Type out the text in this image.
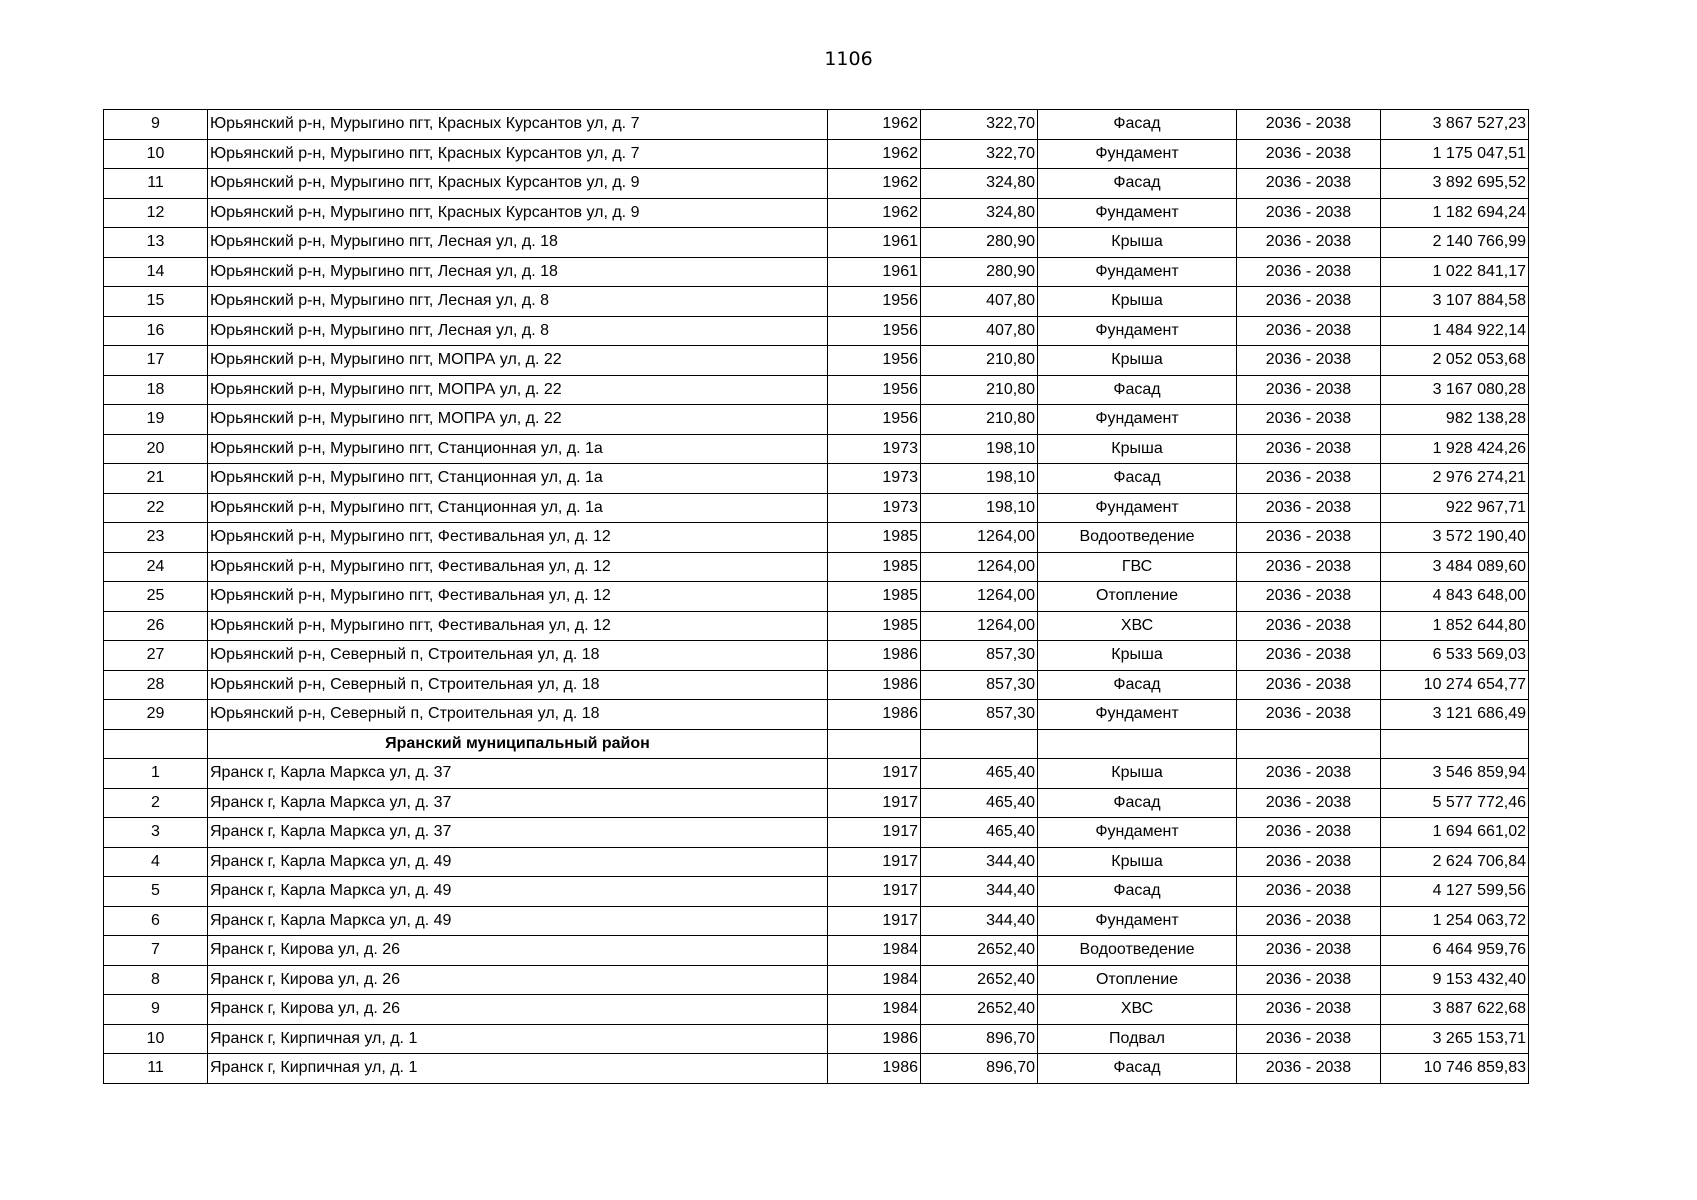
1106
9	Юрьянский р-н, Мурыгино пгт, Красных Курсантов ул, д. 7	1962	322,70	Фасад	2036 - 2038	3 867 527,23
10	Юрьянский р-н, Мурыгино пгт, Красных Курсантов ул, д. 7	1962	322,70	Фундамент	2036 - 2038	1 175 047,51
11	Юрьянский р-н, Мурыгино пгт, Красных Курсантов ул, д. 9	1962	324,80	Фасад	2036 - 2038	3 892 695,52
12	Юрьянский р-н, Мурыгино пгт, Красных Курсантов ул, д. 9	1962	324,80	Фундамент	2036 - 2038	1 182 694,24
13	Юрьянский р-н, Мурыгино пгт, Лесная ул, д. 18	1961	280,90	Крыша	2036 - 2038	2 140 766,99
14	Юрьянский р-н, Мурыгино пгт, Лесная ул, д. 18	1961	280,90	Фундамент	2036 - 2038	1 022 841,17
15	Юрьянский р-н, Мурыгино пгт, Лесная ул, д. 8	1956	407,80	Крыша	2036 - 2038	3 107 884,58
16	Юрьянский р-н, Мурыгино пгт, Лесная ул, д. 8	1956	407,80	Фундамент	2036 - 2038	1 484 922,14
17	Юрьянский р-н, Мурыгино пгт, МОПРА ул, д. 22	1956	210,80	Крыша	2036 - 2038	2 052 053,68
18	Юрьянский р-н, Мурыгино пгт, МОПРА ул, д. 22	1956	210,80	Фасад	2036 - 2038	3 167 080,28
19	Юрьянский р-н, Мурыгино пгт, МОПРА ул, д. 22	1956	210,80	Фундамент	2036 - 2038	982 138,28
20	Юрьянский р-н, Мурыгино пгт, Станционная ул, д. 1а	1973	198,10	Крыша	2036 - 2038	1 928 424,26
21	Юрьянский р-н, Мурыгино пгт, Станционная ул, д. 1а	1973	198,10	Фасад	2036 - 2038	2 976 274,21
22	Юрьянский р-н, Мурыгино пгт, Станционная ул, д. 1а	1973	198,10	Фундамент	2036 - 2038	922 967,71
23	Юрьянский р-н, Мурыгино пгт, Фестивальная ул, д. 12	1985	1264,00	Водоотведение	2036 - 2038	3 572 190,40
24	Юрьянский р-н, Мурыгино пгт, Фестивальная ул, д. 12	1985	1264,00	ГВС	2036 - 2038	3 484 089,60
25	Юрьянский р-н, Мурыгино пгт, Фестивальная ул, д. 12	1985	1264,00	Отопление	2036 - 2038	4 843 648,00
26	Юрьянский р-н, Мурыгино пгт, Фестивальная ул, д. 12	1985	1264,00	ХВС	2036 - 2038	1 852 644,80
27	Юрьянский р-н, Северный п, Строительная ул, д. 18	1986	857,30	Крыша	2036 - 2038	6 533 569,03
28	Юрьянский р-н, Северный п, Строительная ул, д. 18	1986	857,30	Фасад	2036 - 2038	10 274 654,77
29	Юрьянский р-н, Северный п, Строительная ул, д. 18	1986	857,30	Фундамент	2036 - 2038	3 121 686,49
	Яранский муниципальный район					
1	Яранск г, Карла Маркса ул, д. 37	1917	465,40	Крыша	2036 - 2038	3 546 859,94
2	Яранск г, Карла Маркса ул, д. 37	1917	465,40	Фасад	2036 - 2038	5 577 772,46
3	Яранск г, Карла Маркса ул, д. 37	1917	465,40	Фундамент	2036 - 2038	1 694 661,02
4	Яранск г, Карла Маркса ул, д. 49	1917	344,40	Крыша	2036 - 2038	2 624 706,84
5	Яранск г, Карла Маркса ул, д. 49	1917	344,40	Фасад	2036 - 2038	4 127 599,56
6	Яранск г, Карла Маркса ул, д. 49	1917	344,40	Фундамент	2036 - 2038	1 254 063,72
7	Яранск г, Кирова ул, д. 26	1984	2652,40	Водоотведение	2036 - 2038	6 464 959,76
8	Яранск г, Кирова ул, д. 26	1984	2652,40	Отопление	2036 - 2038	9 153 432,40
9	Яранск г, Кирова ул, д. 26	1984	2652,40	ХВС	2036 - 2038	3 887 622,68
10	Яранск г, Кирпичная ул, д. 1	1986	896,70	Подвал	2036 - 2038	3 265 153,71
11	Яранск г, Кирпичная ул, д. 1	1986	896,70	Фасад	2036 - 2038	10 746 859,83
